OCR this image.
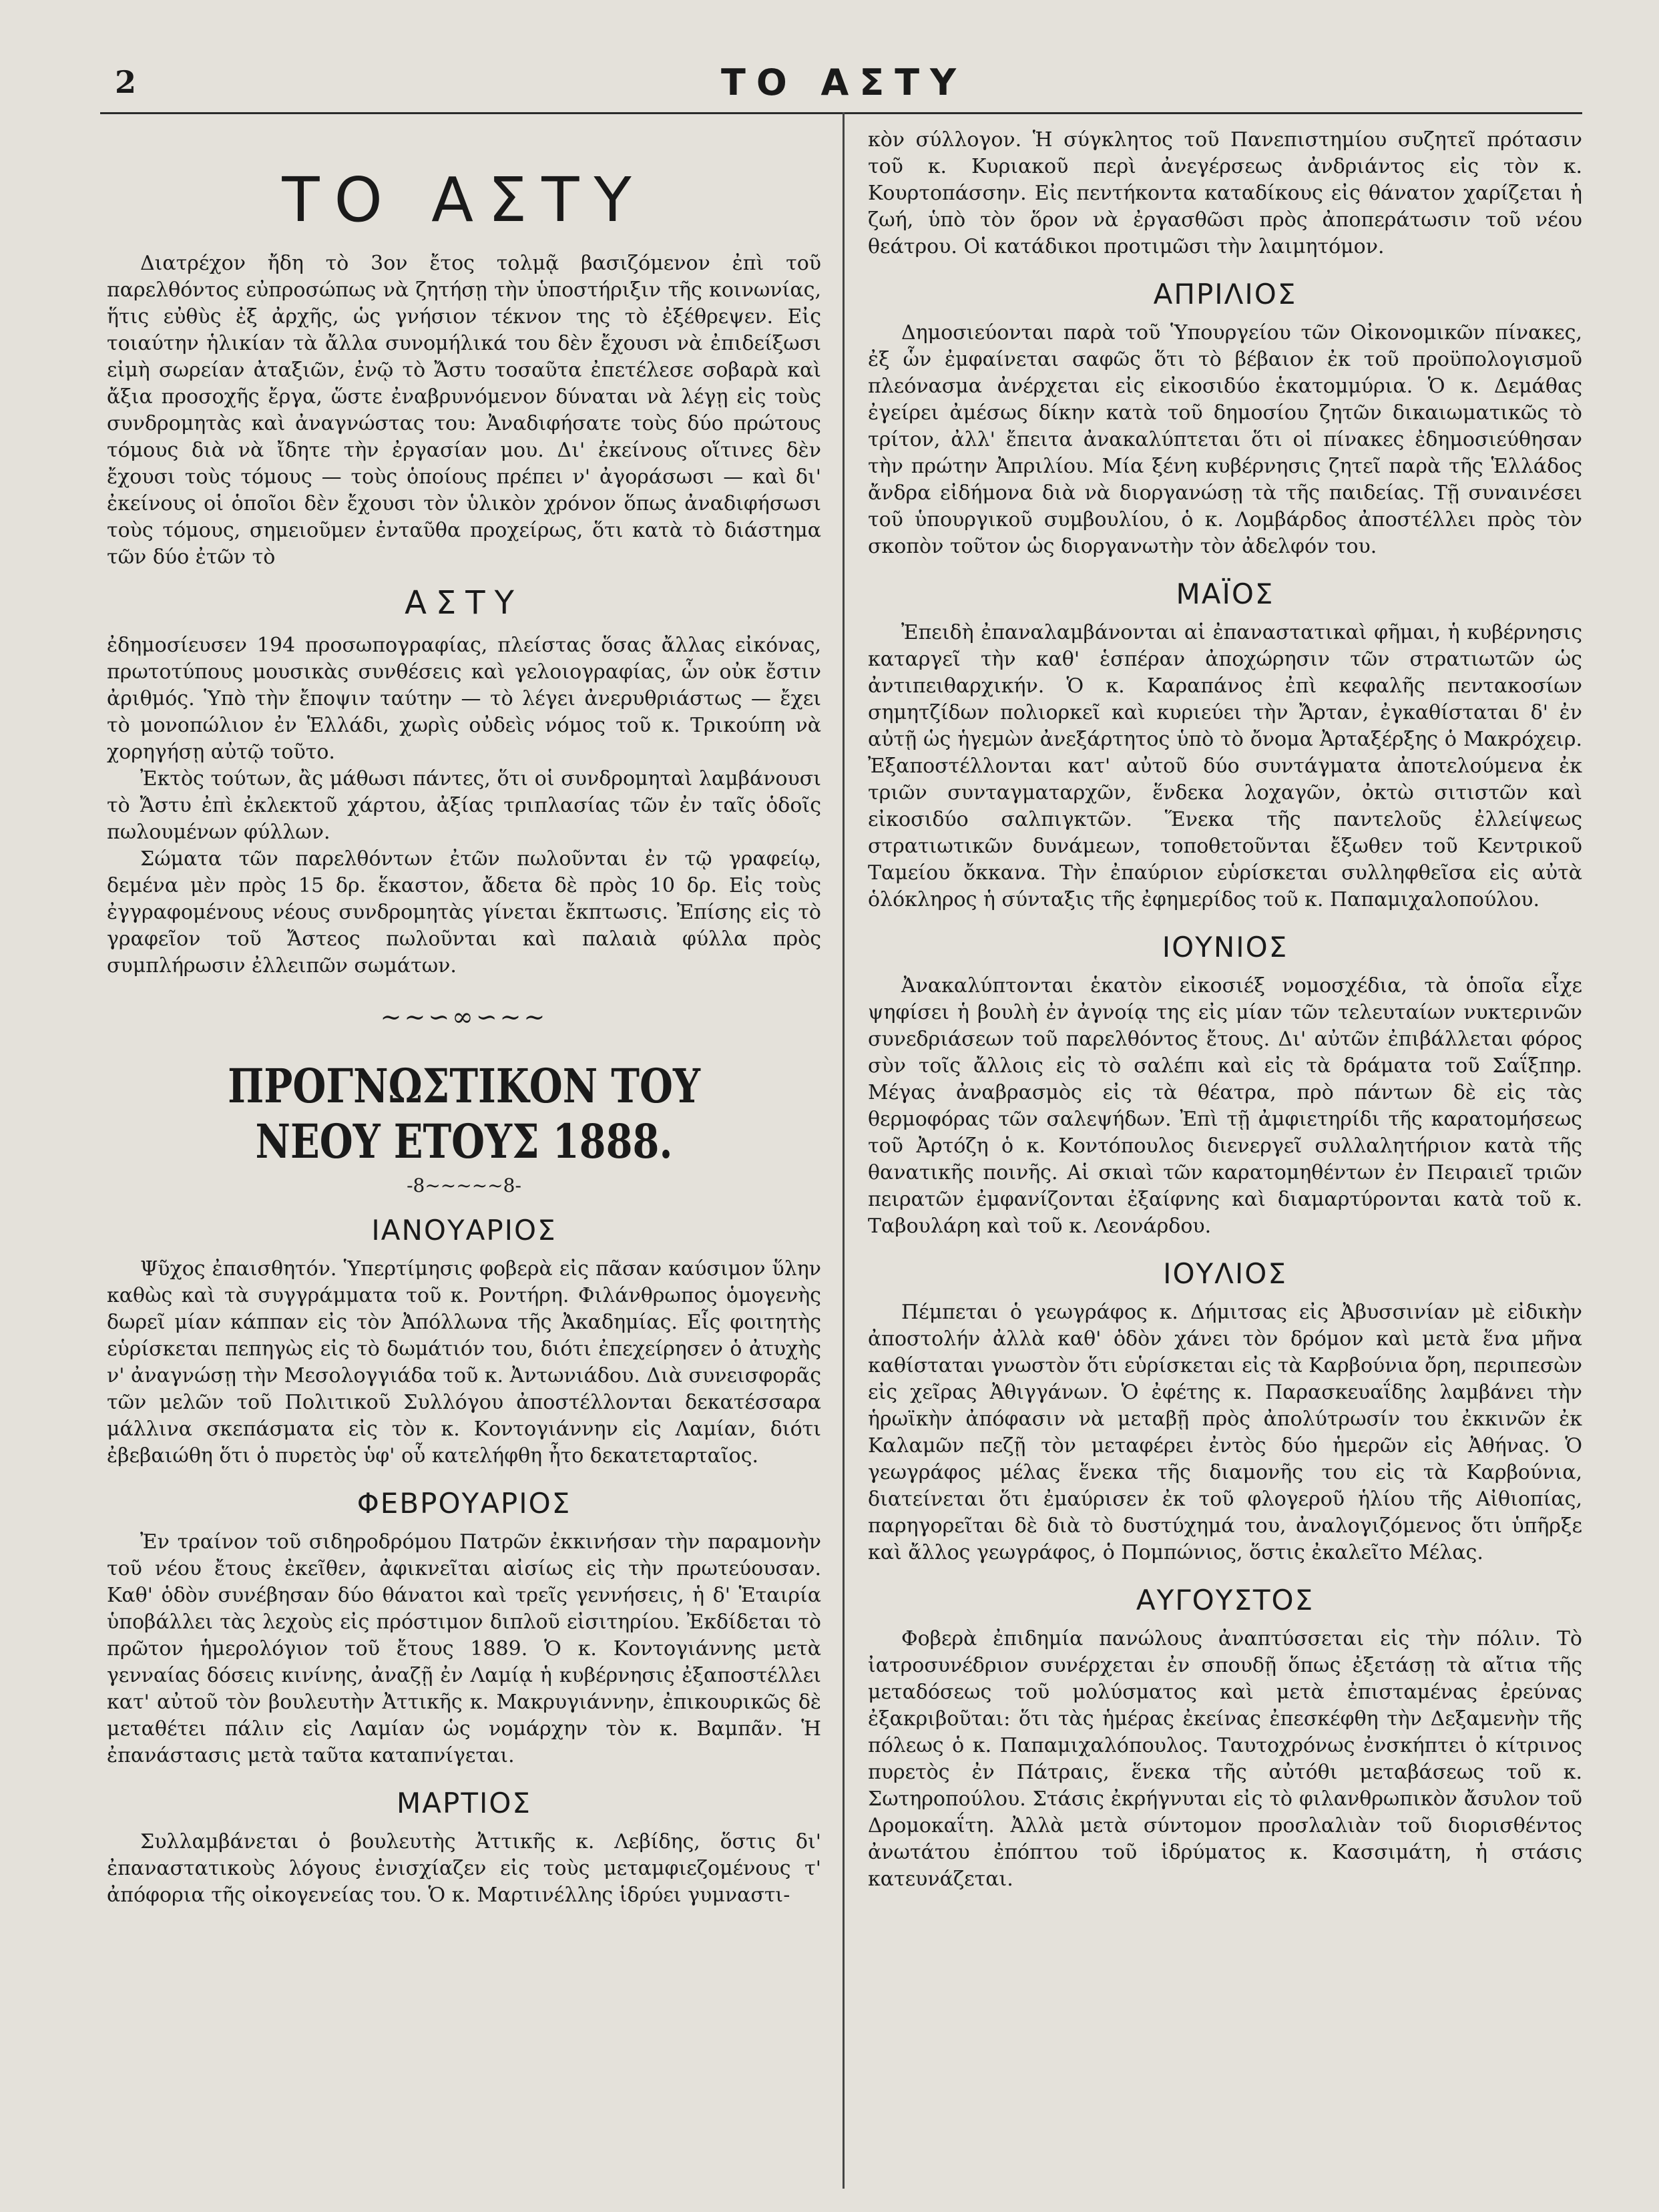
2	ΤΟ ΑΣΤΥ
ΤΟ ΑΣΤΥ

Διατρέχον ἤδη τὸ 3ον ἔτος τολμᾷ βασιζόμενον ἐπὶ τοῦ παρελθόντος εὐπροσώπως νὰ ζητήσῃ τὴν ὑποστήριξιν τῆς κοινωνίας, ἥτις εὐθὺς ἐξ ἀρχῆς, ὡς γνήσιον τέκνον της τὸ ἐξέθρεψεν. Εἰς τοιαύτην ἡλικίαν τὰ ἄλλα συνομήλικά του δὲν ἔχουσι νὰ ἐπιδείξωσι εἰμὴ σωρείαν ἀταξιῶν, ἐνῷ τὸ Ἄστυ τοσαῦτα ἐπετέλεσε σοβαρὰ καὶ ἄξια προσοχῆς ἔργα, ὥστε ἐναβρυνόμενον δύναται νὰ λέγῃ εἰς τοὺς συνδρομητὰς καὶ ἀναγνώστας του: Ἀναδιφήσατε τοὺς δύο πρώτους τόμους διὰ νὰ ἴδητε τὴν ἐργασίαν μου. Δι' ἐκείνους οἵτινες δὲν ἔχουσι τοὺς τόμους — τοὺς ὁποίους πρέπει ν' ἀγοράσωσι — καὶ δι' ἐκείνους οἱ ὁποῖοι δὲν ἔχουσι τὸν ὑλικὸν χρόνον ὅπως ἀναδιφήσωσι τοὺς τόμους, σημειοῦμεν ἐνταῦθα προχείρως, ὅτι κατὰ τὸ διάστημα τῶν δύο ἐτῶν τὸ

ΑΣΤΥ

ἐδημοσίευσεν 194 προσωπογραφίας, πλείστας ὅσας ἄλλας εἰκόνας, πρωτοτύπους μουσικὰς συνθέσεις καὶ γελοιογραφίας, ὧν οὐκ ἔστιν ἀριθμός. Ὑπὸ τὴν ἔποψιν ταύτην — τὸ λέγει ἀνερυθριάστως — ἔχει τὸ μονοπώλιον ἐν Ἑλλάδι, χωρὶς οὐδεὶς νόμος τοῦ κ. Τρικούπη νὰ χορηγήσῃ αὐτῷ τοῦτο.

Ἐκτὸς τούτων, ἂς μάθωσι πάντες, ὅτι οἱ συνδρομηταὶ λαμβάνουσι τὸ Ἄστυ ἐπὶ ἐκλεκτοῦ χάρτου, ἀξίας τριπλασίας τῶν ἐν ταῖς ὁδοῖς πωλουμένων φύλλων.

Σώματα τῶν παρελθόντων ἐτῶν πωλοῦνται ἐν τῷ γραφείῳ, δεμένα μὲν πρὸς 15 δρ. ἕκαστον, ἄδετα δὲ πρὸς 10 δρ. Εἰς τοὺς ἐγγραφομένους νέους συνδρομητὰς γίνεται ἔκπτωσις. Ἐπίσης εἰς τὸ γραφεῖον τοῦ Ἄστεος πωλοῦνται καὶ παλαιὰ φύλλα πρὸς συμπλήρωσιν ἐλλειπῶν σωμάτων.

~~∽∞∽~~
ΠΡΟΓΝΩΣΤΙΚΟΝ ΤΟΥ ΝΕΟΥ ΕΤΟΥΣ 1888.
-8~~~~~8-
ΙΑΝΟΥΑΡΙΟΣ

Ψῦχος ἐπαισθητόν. Ὑπερτίμησις φοβερὰ εἰς πᾶσαν καύσιμον ὕλην καθὼς καὶ τὰ συγγράμματα τοῦ κ. Ροντήρη. Φιλάνθρωπος ὁμογενὴς δωρεῖ μίαν κάππαν εἰς τὸν Ἀπόλλωνα τῆς Ἀκαδημίας. Εἷς φοιτητὴς εὑρίσκεται πεπηγὼς εἰς τὸ δωμάτιόν του, διότι ἐπεχείρησεν ὁ ἀτυχὴς ν' ἀναγνώσῃ τὴν Μεσολογγιάδα τοῦ κ. Ἀντωνιάδου. Διὰ συνεισφορᾶς τῶν μελῶν τοῦ Πολιτικοῦ Συλλόγου ἀποστέλλονται δεκατέσσαρα μάλλινα σκεπάσματα εἰς τὸν κ. Κοντογιάννην εἰς Λαμίαν, διότι ἐβεβαιώθη ὅτι ὁ πυρετὸς ὑφ' οὗ κατελήφθη ἦτο δεκατεταρταῖος.

ΦΕΒΡΟΥΑΡΙΟΣ

Ἐν τραίνον τοῦ σιδηροδρόμου Πατρῶν ἐκκινήσαν τὴν παραμονὴν τοῦ νέου ἔτους ἐκεῖθεν, ἀφικνεῖται αἰσίως εἰς τὴν πρωτεύουσαν. Καθ' ὁδὸν συνέβησαν δύο θάνατοι καὶ τρεῖς γεννήσεις, ἡ δ' Ἑταιρία ὑποβάλλει τὰς λεχοὺς εἰς πρόστιμον διπλοῦ εἰσιτηρίου. Ἐκδίδεται τὸ πρῶτον ἡμερολόγιον τοῦ ἔτους 1889. Ὁ κ. Κοντογιάννης μετὰ γενναίας δόσεις κινίνης, ἀναζῇ ἐν Λαμίᾳ ἡ κυβέρνησις ἐξαποστέλλει κατ' αὐτοῦ τὸν βουλευτὴν Ἀττικῆς κ. Μακρυγιάννην, ἐπικουρικῶς δὲ μεταθέτει πάλιν εἰς Λαμίαν ὡς νομάρχην τὸν κ. Βαμπᾶν. Ἡ ἐπανάστασις μετὰ ταῦτα καταπνίγεται.

ΜΑΡΤΙΟΣ

Συλλαμβάνεται ὁ βουλευτὴς Ἀττικῆς κ. Λεβίδης, ὅστις δι' ἐπαναστατικοὺς λόγους ἐνισχίαζεν εἰς τοὺς μεταμφιεζομένους τ' ἀπόφορια τῆς οἰκογενείας του. Ὁ κ. Μαρτινέλλης ἱδρύει γυμναστι-

κὸν σύλλογον. Ἡ σύγκλητος τοῦ Πανεπιστημίου συζητεῖ πρότασιν τοῦ κ. Κυριακοῦ περὶ ἀνεγέρσεως ἀνδριάντος εἰς τὸν κ. Κουρτοπάσσην. Εἰς πεντήκοντα καταδίκους εἰς θάνατον χαρίζεται ἡ ζωή, ὑπὸ τὸν ὅρον νὰ ἐργασθῶσι πρὸς ἀποπεράτωσιν τοῦ νέου θεάτρου. Οἱ κατάδικοι προτιμῶσι τὴν λαιμητόμον.

ΑΠΡΙΛΙΟΣ

Δημοσιεύονται παρὰ τοῦ Ὑπουργείου τῶν Οἰκονομικῶν πίνακες, ἐξ ὧν ἐμφαίνεται σαφῶς ὅτι τὸ βέβαιον ἐκ τοῦ προϋπολογισμοῦ πλεόνασμα ἀνέρχεται εἰς εἰκοσιδύο ἑκατομμύρια. Ὁ κ. Δεμάθας ἐγείρει ἀμέσως δίκην κατὰ τοῦ δημοσίου ζητῶν δικαιωματικῶς τὸ τρίτον, ἀλλ' ἔπειτα ἀνακαλύπτεται ὅτι οἱ πίνακες ἐδημοσιεύθησαν τὴν πρώτην Ἀπριλίου. Μία ξένη κυβέρνησις ζητεῖ παρὰ τῆς Ἑλλάδος ἄνδρα εἰδήμονα διὰ νὰ διοργανώσῃ τὰ τῆς παιδείας. Τῇ συναινέσει τοῦ ὑπουργικοῦ συμβουλίου, ὁ κ. Λομβάρδος ἀποστέλλει πρὸς τὸν σκοπὸν τοῦτον ὡς διοργανωτὴν τὸν ἀδελφόν του.

ΜΑΪΟΣ

Ἐπειδὴ ἐπαναλαμβάνονται αἱ ἐπαναστατικαὶ φῆμαι, ἡ κυβέρνησις καταργεῖ τὴν καθ' ἑσπέραν ἀποχώρησιν τῶν στρατιωτῶν ὡς ἀντιπειθαρχικήν. Ὁ κ. Καραπάνος ἐπὶ κεφαλῆς πεντακοσίων σημητζίδων πολιορκεῖ καὶ κυριεύει τὴν Ἄρταν, ἐγκαθίσταται δ' ἐν αὐτῇ ὡς ἡγεμὼν ἀνεξάρτητος ὑπὸ τὸ ὄνομα Ἀρταξέρξης ὁ Μακρόχειρ. Ἐξαποστέλλονται κατ' αὐτοῦ δύο συντάγματα ἀποτελούμενα ἐκ τριῶν συνταγματαρχῶν, ἕνδεκα λοχαγῶν, ὀκτὼ σιτιστῶν καὶ εἰκοσιδύο σαλπιγκτῶν. Ἕνεκα τῆς παντελοῦς ἐλλείψεως στρατιωτικῶν δυνάμεων, τοποθετοῦνται ἔξωθεν τοῦ Κεντρικοῦ Ταμείου ὄκκανα. Τὴν ἐπαύριον εὑρίσκεται συλληφθεῖσα εἰς αὐτὰ ὁλόκληρος ἡ σύνταξις τῆς ἐφημερίδος τοῦ κ. Παπαμιχαλοπούλου.

ΙΟΥΝΙΟΣ

Ἀνακαλύπτονται ἑκατὸν εἰκοσιέξ νομοσχέδια, τὰ ὁποῖα εἶχε ψηφίσει ἡ βουλὴ ἐν ἀγνοίᾳ της εἰς μίαν τῶν τελευταίων νυκτερινῶν συνεδριάσεων τοῦ παρελθόντος ἔτους. Δι' αὐτῶν ἐπιβάλλεται φόρος σὺν τοῖς ἄλλοις εἰς τὸ σαλέπι καὶ εἰς τὰ δράματα τοῦ Σαΐξπηρ. Μέγας ἀναβρασμὸς εἰς τὰ θέατρα, πρὸ πάντων δὲ εἰς τὰς θερμοφόρας τῶν σαλεψήδων. Ἐπὶ τῇ ἀμφιετηρίδι τῆς καρατομήσεως τοῦ Ἀρτόζη ὁ κ. Κοντόπουλος διενεργεῖ συλλαλητήριον κατὰ τῆς θανατικῆς ποινῆς. Αἱ σκιαὶ τῶν καρατομηθέντων ἐν Πειραιεῖ τριῶν πειρατῶν ἐμφανίζονται ἐξαίφνης καὶ διαμαρτύρονται κατὰ τοῦ κ. Ταβουλάρη καὶ τοῦ κ. Λεονάρδου.

ΙΟΥΛΙΟΣ

Πέμπεται ὁ γεωγράφος κ. Δήμιτσας εἰς Ἀβυσσινίαν μὲ εἰδικὴν ἀποστολήν ἀλλὰ καθ' ὁδὸν χάνει τὸν δρόμον καὶ μετὰ ἕνα μῆνα καθίσταται γνωστὸν ὅτι εὑρίσκεται εἰς τὰ Καρβούνια ὄρη, περιπεσὼν εἰς χεῖρας Ἀθιγγάνων. Ὁ ἐφέτης κ. Παρασκευαΐδης λαμβάνει τὴν ἡρωϊκὴν ἀπόφασιν νὰ μεταβῇ πρὸς ἀπολύτρωσίν του ἐκκινῶν ἐκ Καλαμῶν πεζῇ τὸν μεταφέρει ἐντὸς δύο ἡμερῶν εἰς Ἀθήνας. Ὁ γεωγράφος μέλας ἕνεκα τῆς διαμονῆς του εἰς τὰ Καρβούνια, διατείνεται ὅτι ἐμαύρισεν ἐκ τοῦ φλογεροῦ ἡλίου τῆς Αἰθιοπίας, παρηγορεῖται δὲ διὰ τὸ δυστύχημά του, ἀναλογιζόμενος ὅτι ὑπῆρξε καὶ ἄλλος γεωγράφος, ὁ Πομπώνιος, ὅστις ἐκαλεῖτο Μέλας.

ΑΥΓΟΥΣΤΟΣ

Φοβερὰ ἐπιδημία πανώλους ἀναπτύσσεται εἰς τὴν πόλιν. Τὸ ἰατροσυνέδριον συνέρχεται ἐν σπουδῇ ὅπως ἐξετάσῃ τὰ αἴτια τῆς μεταδόσεως τοῦ μολύσματος καὶ μετὰ ἐπισταμένας ἐρεύνας ἐξακριβοῦται: ὅτι τὰς ἡμέρας ἐκείνας ἐπεσκέφθη τὴν Δεξαμενὴν τῆς πόλεως ὁ κ. Παπαμιχαλόπουλος. Ταυτοχρόνως ἐνσκήπτει ὁ κίτρινος πυρετὸς ἐν Πάτραις, ἕνεκα τῆς αὐτόθι μεταβάσεως τοῦ κ. Σωτηροπούλου. Στάσις ἐκρήγνυται εἰς τὸ φιλανθρωπικὸν ἄσυλον τοῦ Δρομοκαΐτη. Ἀλλὰ μετὰ σύντομον προσλαλιὰν τοῦ διορισθέντος ἀνωτάτου ἐπόπτου τοῦ ἱδρύματος κ. Κασσιμάτη, ἡ στάσις κατευνάζεται.
